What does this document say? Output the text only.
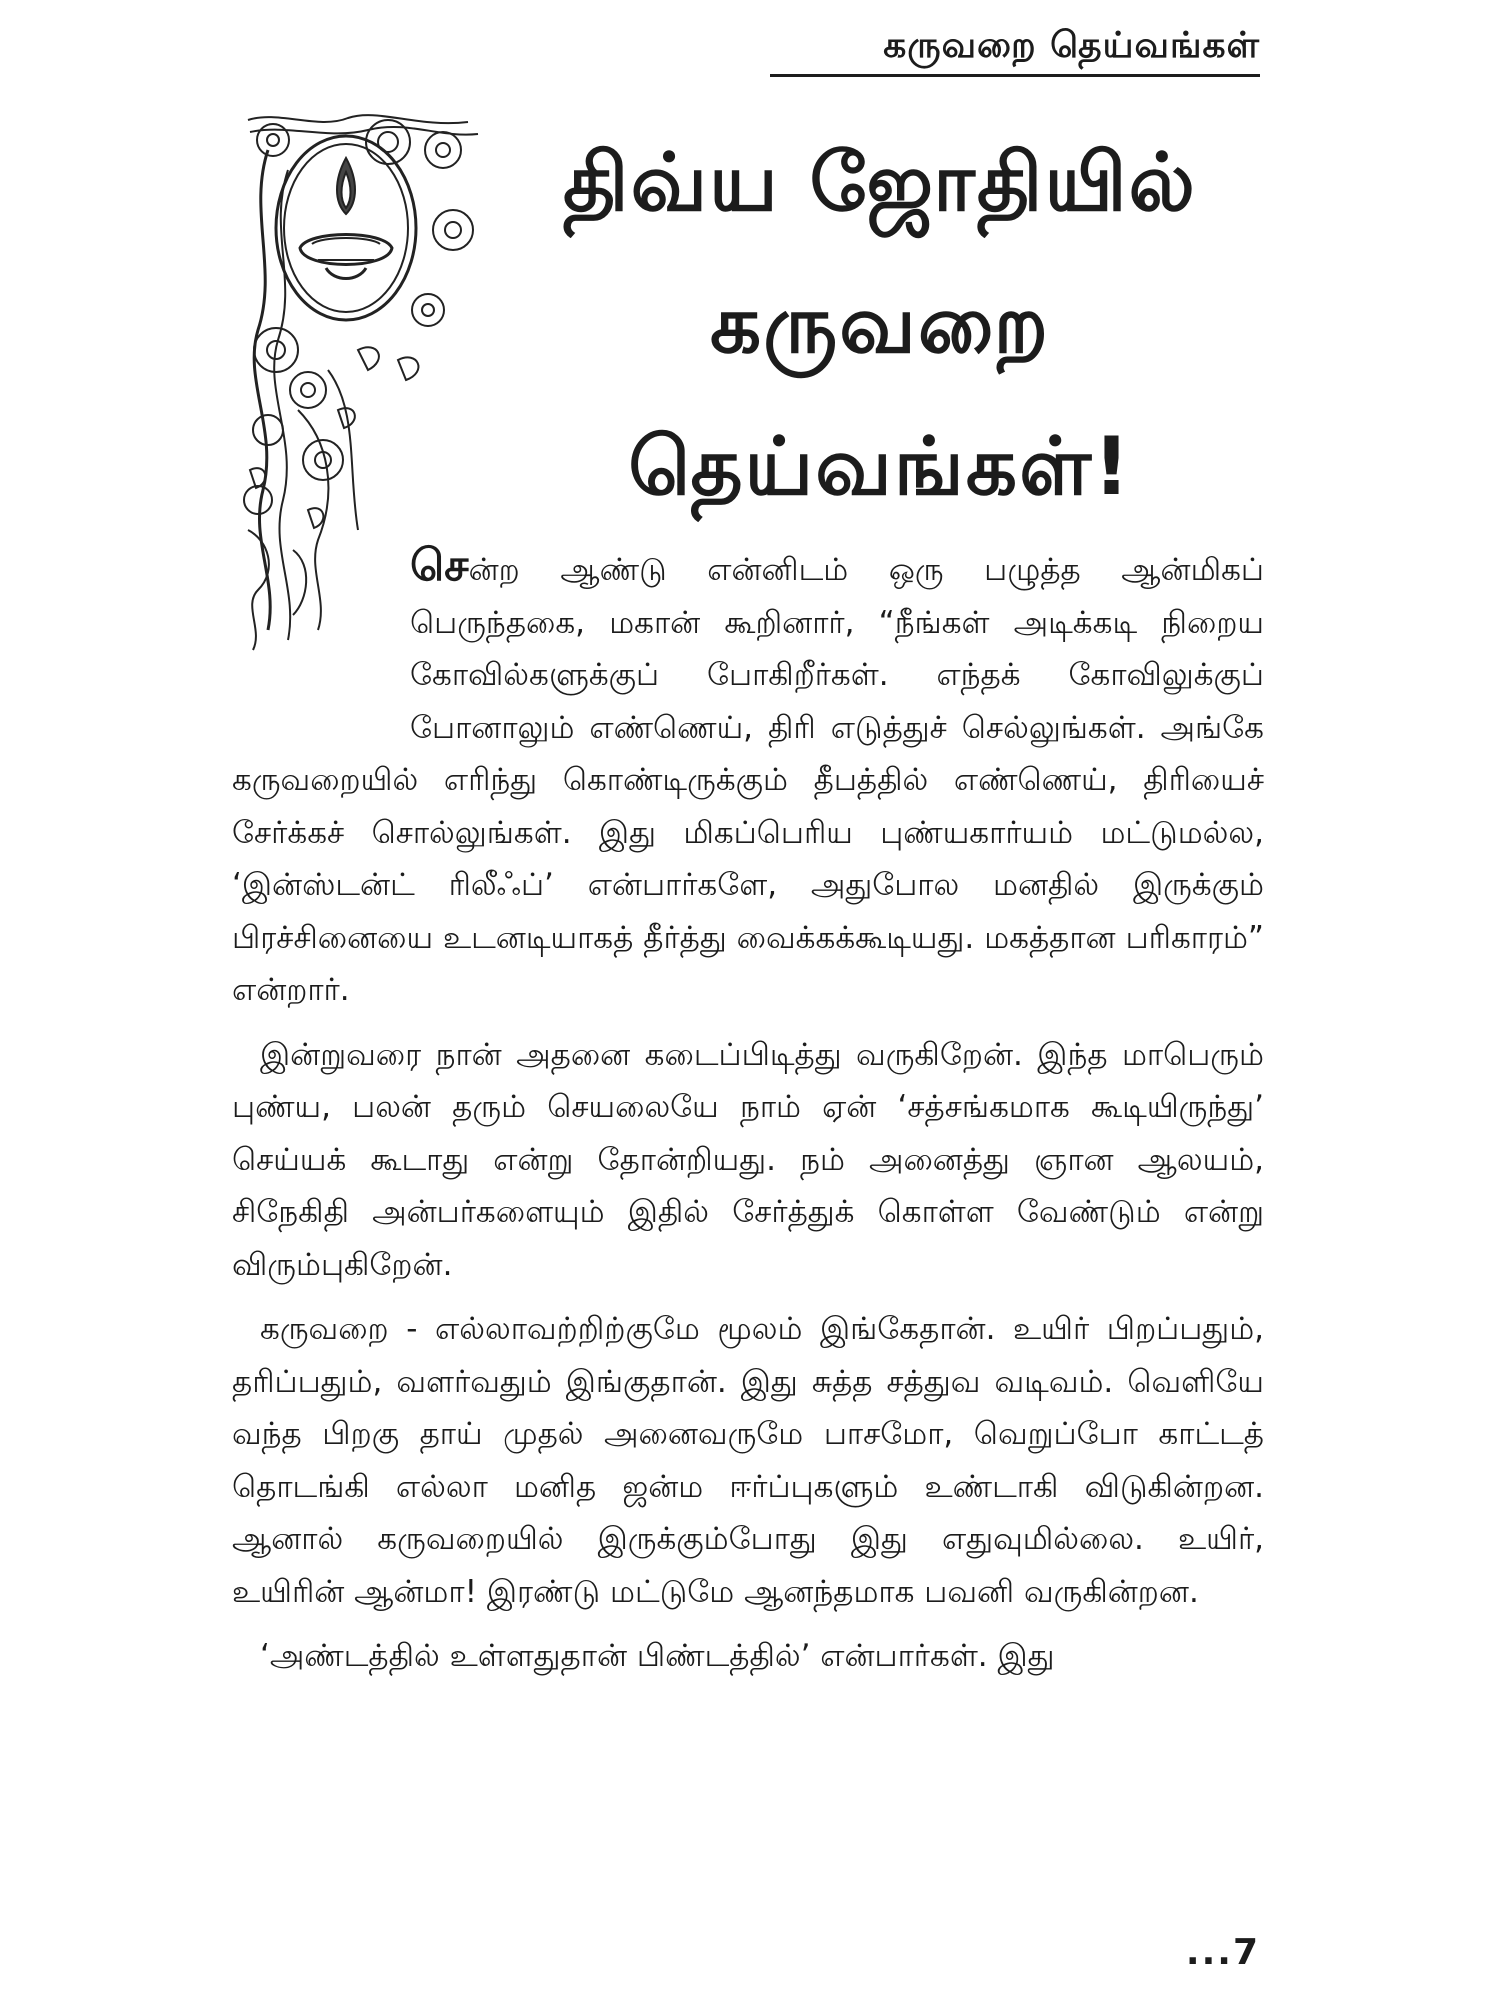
கருவறை தெய்வங்கள்
திவ்ய ஜோதியில்
கருவறை
தெய்வங்கள்!

சென்ற ஆண்டு என்னிடம் ஒரு பழுத்த ஆன்மிகப் பெருந்தகை, மகான் கூறினார், “நீங்கள் அடிக்கடி நிறைய கோவில்களுக்குப் போகிறீர்கள். எந்தக் கோவிலுக்குப் போனாலும் எண்ணெய், திரி எடுத்துச் செல்லுங்கள். அங்கே கருவறையில் எரிந்து கொண்டிருக்கும் தீபத்தில் எண்ணெய், திரியைச் சேர்க்கச் சொல்லுங்கள். இது மிகப்பெரிய புண்யகார்யம் மட்டுமல்ல, ‘இன்ஸ்டன்ட் ரிலீஃப்’ என்பார்களே, அதுபோல மனதில் இருக்கும் பிரச்சினையை உடனடியாகத் தீர்த்து வைக்கக்கூடியது. மகத்தான பரிகாரம்” என்றார்.

இன்றுவரை நான் அதனை கடைப்பிடித்து வருகிறேன். இந்த மாபெரும் புண்ய, பலன் தரும் செயலையே நாம் ஏன் ‘சத்சங்கமாக கூடியிருந்து’ செய்யக் கூடாது என்று தோன்றியது. நம் அனைத்து ஞான ஆலயம், சிநேகிதி அன்பர்களையும் இதில் சேர்த்துக் கொள்ள வேண்டும் என்று விரும்புகிறேன்.

கருவறை - எல்லாவற்றிற்குமே மூலம் இங்கேதான். உயிர் பிறப்பதும், தரிப்பதும், வளர்வதும் இங்குதான். இது சுத்த சத்துவ வடிவம். வெளியே வந்த பிறகு தாய் முதல் அனைவருமே பாசமோ, வெறுப்போ காட்டத் தொடங்கி எல்லா மனித ஜன்ம ஈர்ப்புகளும் உண்டாகி விடுகின்றன. ஆனால் கருவறையில் இருக்கும்போது இது எதுவுமில்லை. உயிர், உயிரின் ஆன்மா! இரண்டு மட்டுமே ஆனந்தமாக பவனி வருகின்றன.

‘அண்டத்தில் உள்ளதுதான் பிண்டத்தில்’ என்பார்கள். இது

...7
